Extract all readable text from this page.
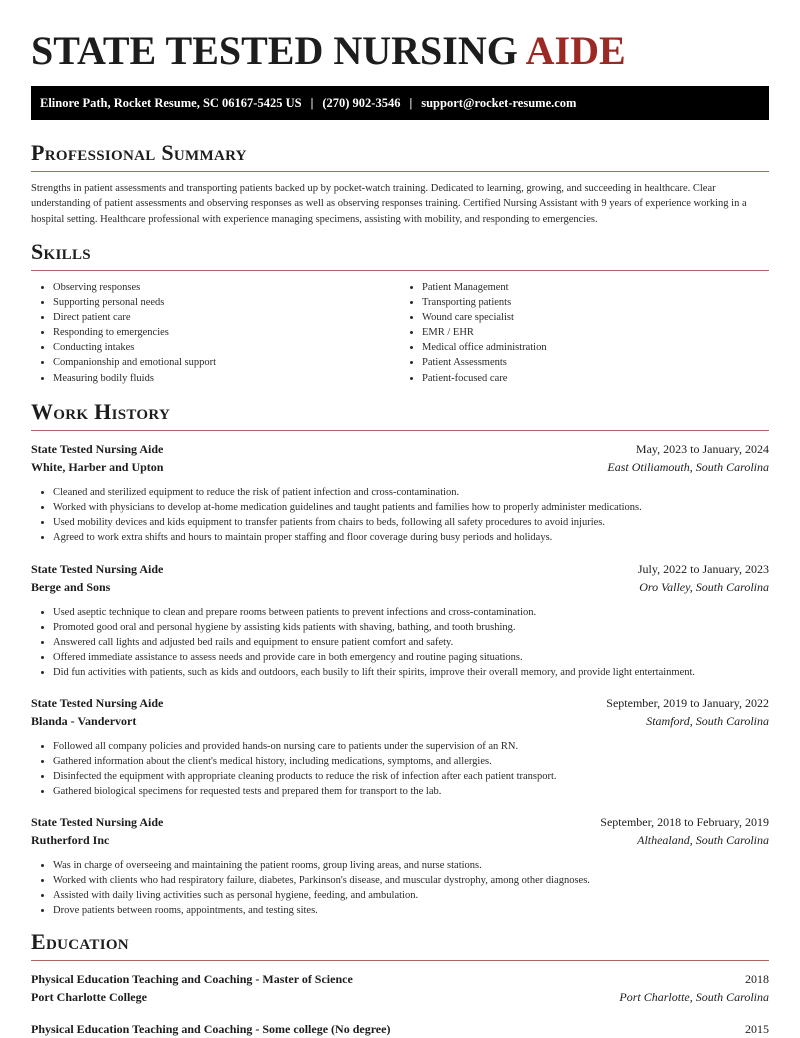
STATE TESTED NURSING AIDE
Elinore Path, Rocket Resume, SC 06167-5425 US | (270) 902-3546 | support@rocket-resume.com
Professional Summary

Strengths in patient assessments and transporting patients backed up by pocket-watch training. Dedicated to learning, growing, and succeeding in healthcare. Clear understanding of patient assessments and observing responses as well as observing responses training. Certified Nursing Assistant with 9 years of experience working in a hospital setting. Healthcare professional with experience managing specimens, assisting with mobility, and responding to emergencies.

Skills
• Observing responses
• Supporting personal needs
• Direct patient care
• Responding to emergencies
• Conducting intakes
• Companionship and emotional support
• Measuring bodily fluids
• Patient Management
• Transporting patients
• Wound care specialist
• EMR / EHR
• Medical office administration
• Patient Assessments
• Patient-focused care
Work History
State Tested Nursing Aide	May, 2023 to January, 2024
White, Harber and Upton	East Otiliamouth, South Carolina
• Cleaned and sterilized equipment to reduce the risk of patient infection and cross-contamination.
• Worked with physicians to develop at-home medication guidelines and taught patients and families how to properly administer medications.
• Used mobility devices and kids equipment to transfer patients from chairs to beds, following all safety procedures to avoid injuries.
• Agreed to work extra shifts and hours to maintain proper staffing and floor coverage during busy periods and holidays.
State Tested Nursing Aide	July, 2022 to January, 2023
Berge and Sons	Oro Valley, South Carolina
• Used aseptic technique to clean and prepare rooms between patients to prevent infections and cross-contamination.
• Promoted good oral and personal hygiene by assisting kids patients with shaving, bathing, and tooth brushing.
• Answered call lights and adjusted bed rails and equipment to ensure patient comfort and safety.
• Offered immediate assistance to assess needs and provide care in both emergency and routine paging situations.
• Did fun activities with patients, such as kids and outdoors, each busily to lift their spirits, improve their overall memory, and provide light entertainment.
State Tested Nursing Aide	September, 2019 to January, 2022
Blanda - Vandervort	Stamford, South Carolina
• Followed all company policies and provided hands-on nursing care to patients under the supervision of an RN.
• Gathered information about the client's medical history, including medications, symptoms, and allergies.
• Disinfected the equipment with appropriate cleaning products to reduce the risk of infection after each patient transport.
• Gathered biological specimens for requested tests and prepared them for transport to the lab.
State Tested Nursing Aide	September, 2018 to February, 2019
Rutherford Inc	Althealand, South Carolina
• Was in charge of overseeing and maintaining the patient rooms, group living areas, and nurse stations.
• Worked with clients who had respiratory failure, diabetes, Parkinson's disease, and muscular dystrophy, among other diagnoses.
• Assisted with daily living activities such as personal hygiene, feeding, and ambulation.
• Drove patients between rooms, appointments, and testing sites.
Education
Physical Education Teaching and Coaching - Master of Science	2018
Port Charlotte College	Port Charlotte, South Carolina
Physical Education Teaching and Coaching - Some college (No degree)	2015
